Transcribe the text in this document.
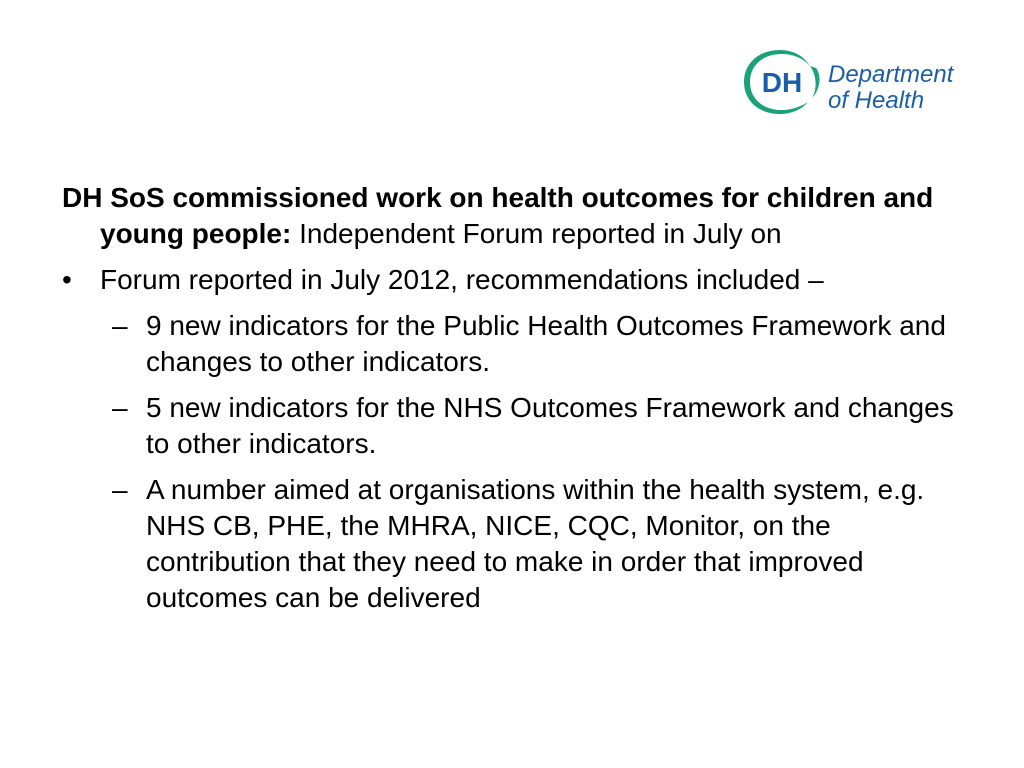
DH Department
of Health

DH SoS commissioned work on health outcomes for children and young people: Independent Forum reported in July on

•	Forum reported in July 2012, recommendations included –

– 9 new indicators for the Public Health Outcomes Framework and changes to other indicators.

– 5 new indicators for the NHS Outcomes Framework and changes to other indicators.

– A number aimed at organisations within the health system, e.g. NHS CB, PHE, the MHRA, NICE, CQC, Monitor, on the contribution that they need to make in order that improved outcomes can be delivered
